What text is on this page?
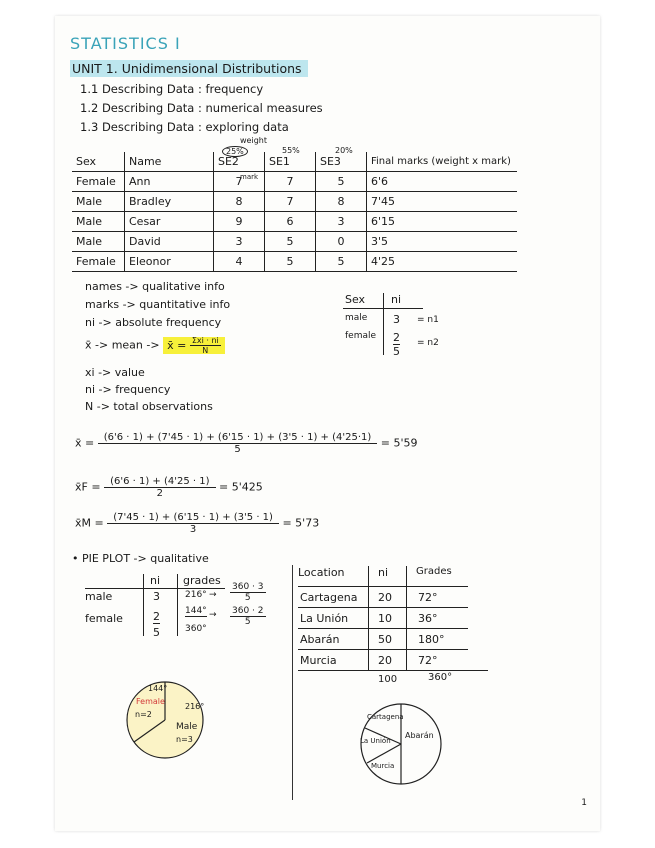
STATISTICS I
UNIT 1. Unidimensional Distributions
1.1 Describing Data : frequency
1.2 Describing Data : numerical measures
1.3 Describing Data : exploring data
weight
25%	55%	20%
mark
Sex	Name	SE2	SE1	SE3	Final marks (weight x mark)
Female	Ann	7	7	5	6'6
Male	Bradley	8	7	8	7'45
Male	Cesar	9	6	3	6'15
Male	David	3	5	0	3'5
Female	Eleonor	4	5	5	4'25
names -> qualitative info
marks -> quantitative info
ni -> absolute frequency
x̄ -> mean -> x̄ = $\frac{\text{Σxi · ni}}{N}$
xi -> value
ni -> frequency
N -> total observations
Sex ni
male 3 = n1
female 2 = n2
5
x̄ = $\frac{(6'6 \cdot 1) + (7'45 \cdot 1) + (6'15 \cdot 1) + (3'5 \cdot 1) + (4'25\cdot 1)}{5} = 5'59$
x̄F = $\frac{(6'6 \cdot 1) + (4'25 \cdot 1)}{2} = 5'425$
x̄M = $\frac{(7'45 \cdot 1) + (6'15 \cdot 1) + (3'5 \cdot 1)}{3} = 5'73$
• PIE PLOT -> qualitative
ni grades
male	3	$216^\circ \to \frac{360 \cdot 3}{5}$
female	2	$144^\circ \to \frac{360 \cdot 2}{5}$
5	360°
144°
Female
n=2
216°
Male
n=3
Location	ni	Grades
Cartagena 20 72°
La Unión	10 36°
Abarán	50 180°
Murcia	20 72°
100	360°
Cartagena
La Unión
Abarán
Murcia
1
